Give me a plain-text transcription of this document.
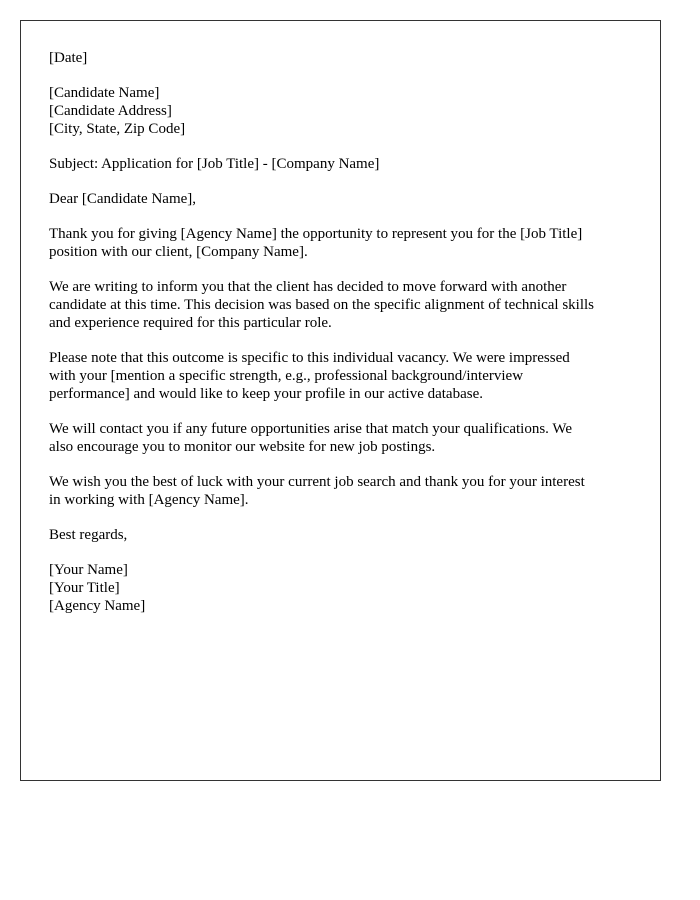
[Date]

[Candidate Name]
[Candidate Address]
[City, State, Zip Code]

Subject: Application for [Job Title] - [Company Name]

Dear [Candidate Name],

Thank you for giving [Agency Name] the opportunity to represent you for the [Job Title]
position with our client, [Company Name].

We are writing to inform you that the client has decided to move forward with another
candidate at this time. This decision was based on the specific alignment of technical skills
and experience required for this particular role.

Please note that this outcome is specific to this individual vacancy. We were impressed
with your [mention a specific strength, e.g., professional background/interview
performance] and would like to keep your profile in our active database.

We will contact you if any future opportunities arise that match your qualifications. We
also encourage you to monitor our website for new job postings.

We wish you the best of luck with your current job search and thank you for your interest
in working with [Agency Name].

Best regards,

[Your Name]
[Your Title]
[Agency Name]
